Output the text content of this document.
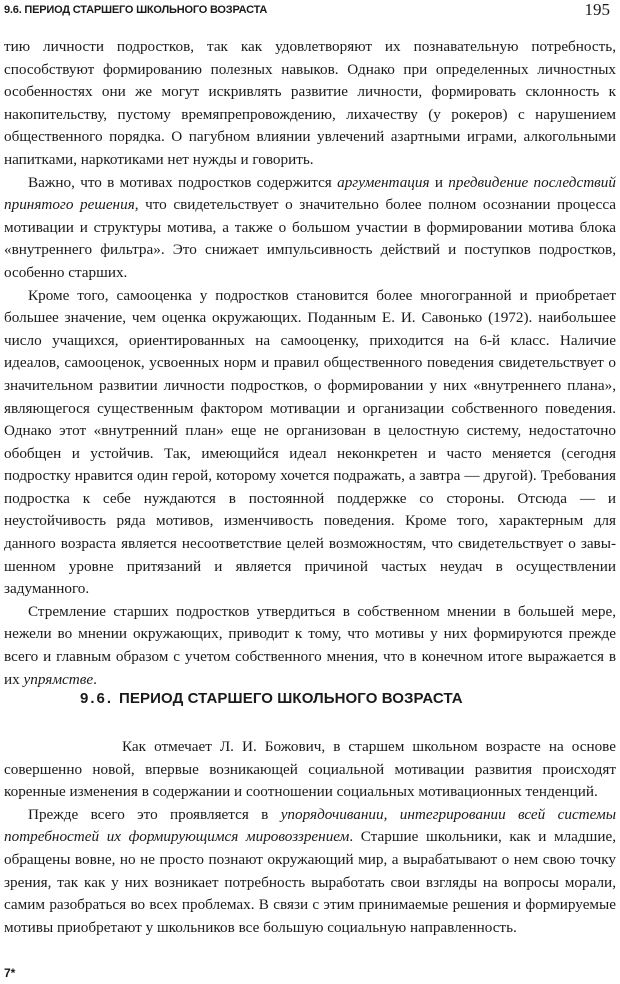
9.6. ПЕРИОД СТАРШЕГО ШКОЛЬНОГО ВОЗРАСТА	195

тию личности подростков, так как удовлетворяют их познавательную потребность, способствуют формированию полезных навыков. Однако при определенных личностных особенностях они же могут искривлять развитие личности, формировать склонность к накопительству, пустому времяпрепровождению, лихачеству (у рокеров) с нарушением общественного порядка. О пагубном влиянии увлечений азартными играми, алкогольными напитками, наркотиками нет нужды и говорить.

Важно, что в мотивах подростков содержится аргументация и предвидение последствий принятого решения, что свидетельствует о значительно более полном осознании процесса мотивации и структуры мотива, а также о большом участии в формировании мотива блока «внутреннего фильтра». Это снижает импульсивность действий и поступков подростков, особенно старших.

Кроме того, самооценка у подростков становится более многогранной и приобретает большее значение, чем оценка окружающих. Поданным Е. И. Савонько (1972). наибольшее число учащихся, ориентированных на самооценку, приходится на 6-й класс. Наличие идеалов, самооценок, усвоенных норм и правил общественного поведения свидетельствует о значительном развитии личности подростков, о формировании у них «внутреннего плана», являющегося существенным фактором мотивации и организации собственного поведения. Однако этот «внутренний план» еще не организован в целостную систему, недостаточно обобщен и устойчив. Так, имеющийся идеал неконкретен и часто меняется (сегодня подростку нравится один герой, которому хочется подражать, а завтра — другой). Требования подростка к себе нуждаются в постоянной поддержке со стороны. Отсюда — и неустойчивость ряда мотивов, изменчивость поведения. Кроме того, характерным для данного возраста является несоответствие целей возможностям, что свидетельствует о завышенном уровне притязаний и является причиной частых неудач в осуществлении задуманного.

Стремление старших подростков утвердиться в собственном мнении в большей мере, нежели во мнении окружающих, приводит к тому, что мотивы у них формируются прежде всего и главным образом с учетом собственного мнения, что в конечном итоге выражается в их упрямстве.

9.6. ПЕРИОД СТАРШЕГО ШКОЛЬНОГО ВОЗРАСТА

Как отмечает Л. И. Божович, в старшем школьном возрасте на основе совершенно новой, впервые возникающей социальной мотивации развития происходят коренные изменения в содержании и соотношении социальных мотивационных тенденций.

Прежде всего это проявляется в упорядочивании, интегрировании всей системы потребностей их формирующимся мировоззрением. Старшие школьники, как и младшие, обращены вовне, но не просто познают окружающий мир, а вырабатывают о нем свою точку зрения, так как у них возникает потребность выработать свои взгляды на вопросы морали, самим разобраться во всех проблемах. В связи с этим принимаемые решения и формируемые мотивы приобретают у школьников все большую социальную направленность.

7*
